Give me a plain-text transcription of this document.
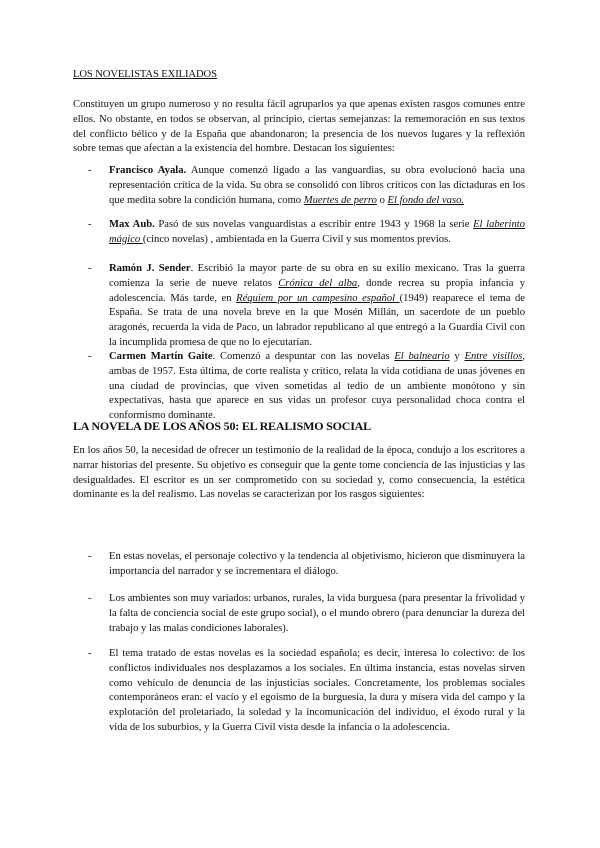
LOS NOVELISTAS EXILIADOS
Constituyen un grupo numeroso y no resulta fácil agruparlos ya que apenas existen rasgos comunes entre ellos. No obstante, en todos se observan, al principio, ciertas semejanzas: la rememoración en sus textos del conflicto bélico y de la España que abandonaron; la presencia de los nuevos lugares y la reflexión sobre temas que afectan a la existencia del hombre. Destacan los siguientes:
- Francisco Ayala. Aunque comenzó ligado a las vanguardias, su obra evolucionó hacia una representación crítica de la vida. Su obra se consolidó con libros críticos con las dictaduras en los que medita sobre la condición humana, como Muertes de perro o El fondo del vaso.
- Max Aub. Pasó de sus novelas vanguardistas a escribir entre 1943 y 1968 la serie El laberinto mágico (cinco novelas) , ambientada en la Guerra Civil y sus momentos previos.
- Ramón J. Sender. Escribió la mayor parte de su obra en su exilio mexicano. Tras la guerra comienza la serie de nueve relatos Crónica del alba, donde recrea su propia infancia y adolescencia. Más tarde, en Réquiem por un campesino español (1949) reaparece el tema de España. Se trata de una novela breve en la que Mosén Millán, un sacerdote de un pueblo aragonés, recuerda la vida de Paco, un labrador republicano al que entregó a la Guardia Civil con la incumplida promesa de que no lo ejecutarían.
- Carmen Martín Gaite. Comenzó a despuntar con las novelas El balneario y Entre visillos, ambas de 1957. Esta última, de corte realista y crítico, relata la vida cotidiana de unas jóvenes en una ciudad de provincias, que viven sometidas al tedio de un ambiente monótono y sin expectativas, hasta que aparece en sus vidas un profesor cuya personalidad choca contra el conformismo dominante.
LA NOVELA DE LOS AÑOS 50: EL REALISMO SOCIAL
En los años 50, la necesidad de ofrecer un testimonio de la realidad de la época, condujo a los escritores a narrar historias del presente. Su objetivo es conseguir que la gente tome conciencia de las injusticias y las desigualdades. El escritor es un ser comprometido con su sociedad y, como consecuencia, la estética dominante es la del realismo. Las novelas se caracterizan por los rasgos siguientes:
- En estas novelas, el personaje colectivo y la tendencia al objetivismo, hicieron que disminuyera la importancia del narrador y se incrementara el diálogo.
- Los ambientes son muy variados: urbanos, rurales, la vida burguesa (para presentar la frivolidad y la falta de conciencia social de este grupo social), o el mundo obrero (para denunciar la dureza del trabajo y las malas condiciones laborales).
- El tema tratado de estas novelas es la sociedad española; es decir, interesa lo colectivo: de los conflictos individuales nos desplazamos a los sociales. En última instancia, estas novelas sirven como vehículo de denuncia de las injusticias sociales. Concretamente, los problemas sociales contemporáneos eran: el vacío y el egoísmo de la burguesía, la dura y mísera vida del campo y la explotación del proletariado, la soledad y la incomunicación del individuo, el éxodo rural y la vida de los suburbios, y la Guerra Civil vista desde la infancia o la adolescencia.
